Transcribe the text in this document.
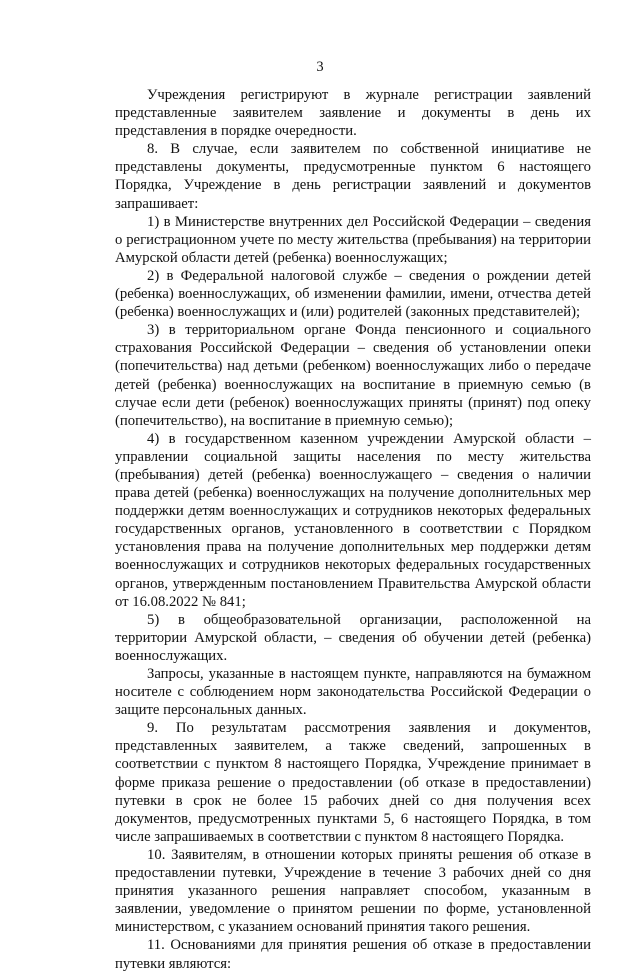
3

Учреждения регистрируют в журнале регистрации заявлений представленные заявителем заявление и документы в день их представления в порядке очередности.

8. В случае, если заявителем по собственной инициативе не представлены документы, предусмотренные пунктом 6 настоящего Порядка, Учреждение в день регистрации заявлений и документов запрашивает:

1) в Министерстве внутренних дел Российской Федерации – сведения о регистрационном учете по месту жительства (пребывания) на территории Амурской области детей (ребенка) военнослужащих;

2) в Федеральной налоговой службе – сведения о рождении детей (ребенка) военнослужащих, об изменении фамилии, имени, отчества детей (ребенка) военнослужащих и (или) родителей (законных представителей);

3) в территориальном органе Фонда пенсионного и социального страхования Российской Федерации – сведения об установлении опеки (попечительства) над детьми (ребенком) военнослужащих либо о передаче детей (ребенка) военнослужащих на воспитание в приемную семью (в случае если дети (ребенок) военнослужащих приняты (принят) под опеку (попечительство), на воспитание в приемную семью);

4) в государственном казенном учреждении Амурской области – управлении социальной защиты населения по месту жительства (пребывания) детей (ребенка) военнослужащего – сведения о наличии права детей (ребенка) военнослужащих на получение дополнительных мер поддержки детям военнослужащих и сотрудников некоторых федеральных государственных органов, установленного в соответствии с Порядком установления права на получение дополнительных мер поддержки детям военнослужащих и сотрудников некоторых федеральных государственных органов, утвержденным постановлением Правительства Амурской области от 16.08.2022 № 841;

5) в общеобразовательной организации, расположенной на территории Амурской области, – сведения об обучении детей (ребенка) военнослужащих.

Запросы, указанные в настоящем пункте, направляются на бумажном носителе с соблюдением норм законодательства Российской Федерации о защите персональных данных.

9. По результатам рассмотрения заявления и документов, представленных заявителем, а также сведений, запрошенных в соответствии с пунктом 8 настоящего Порядка, Учреждение принимает в форме приказа решение о предоставлении (об отказе в предоставлении) путевки в срок не более 15 рабочих дней со дня получения всех документов, предусмотренных пунктами 5, 6 настоящего Порядка, в том числе запрашиваемых в соответствии с пунктом 8 настоящего Порядка.

10. Заявителям, в отношении которых приняты решения об отказе в предоставлении путевки, Учреждение в течение 3 рабочих дней со дня принятия указанного решения направляет способом, указанным в заявлении, уведомление о принятом решении по форме, установленной министерством, с указанием оснований принятия такого решения.

11. Основаниями для принятия решения об отказе в предоставлении путевки являются:
